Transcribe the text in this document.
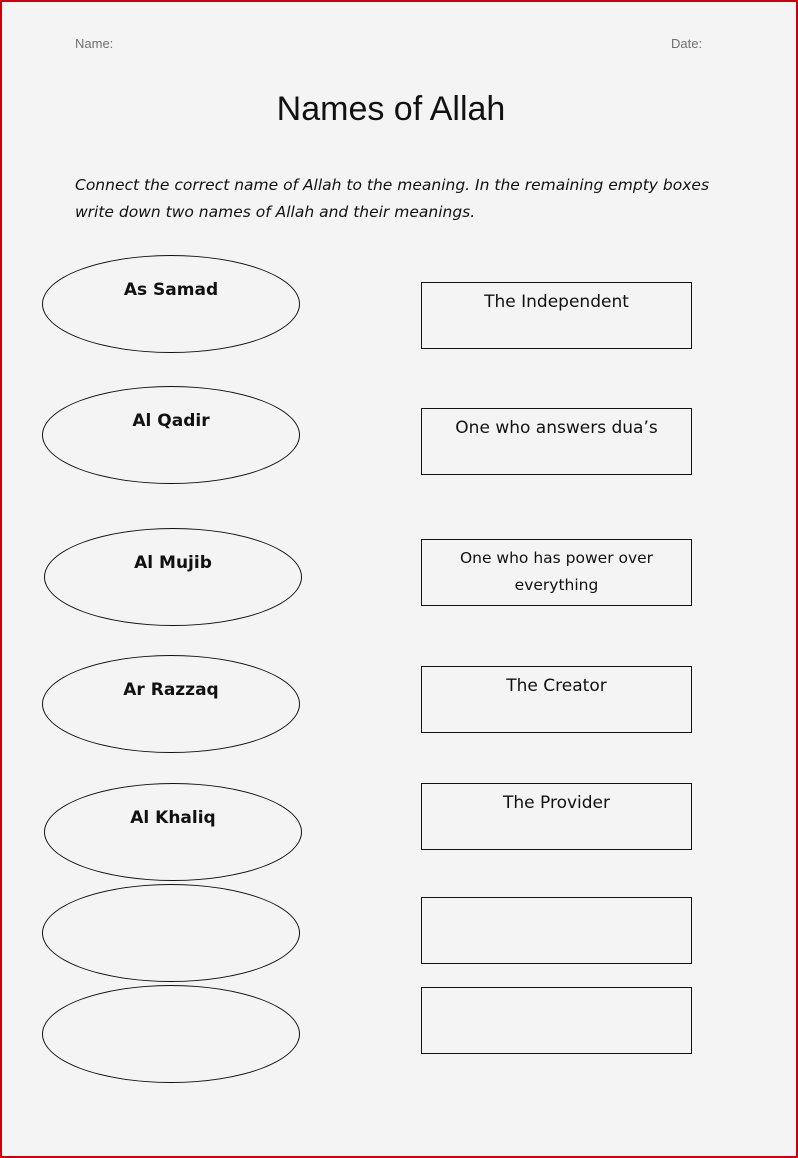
Name:	Date:
Names of Allah
Connect the correct name of Allah to the meaning. In the remaining empty boxes write down two names of Allah and their meanings.
As Samad
Al Qadir
Al Mujib
Ar Razzaq
Al Khaliq
The Independent
One who answers dua’s
One who has power over everything
The Creator
The Provider
